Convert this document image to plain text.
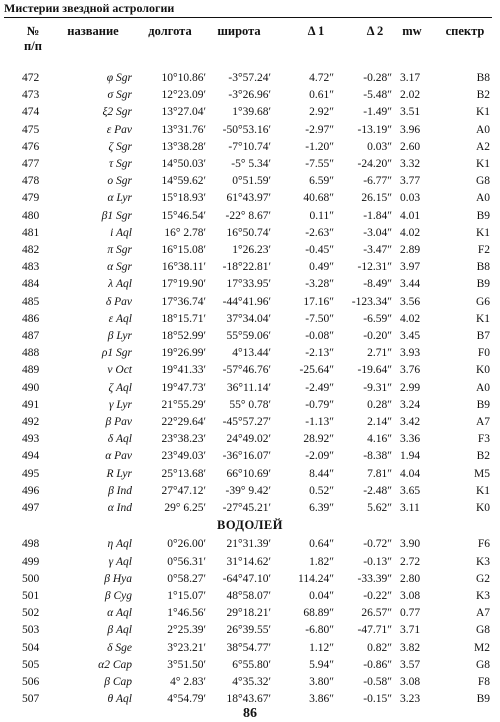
Мистерии звездной астрологии
№
п/п
название	долгота	широта	Δ 1	Δ 2	mw	спектр
472	φ Sgr	10°10.86′	-3°57.24′	4.72″	-0.28″ 3.17	B8
473	σ Sgr	12°23.09′	-3°26.96′	0.61″	-5.48″ 2.02	B2
474	ξ2 Sgr	13°27.04′	1°39.68′	2.92″	-1.49″ 3.51	K1
475	ε Pav	13°31.76′	-50°53.16′	-2.97″	-13.19″ 3.96	A0
476	ζ Sgr	13°38.28′	-7°10.74′	-1.20″	0.03″ 2.60	A2
477	τ Sgr	14°50.03′	-5° 5.34′	-7.55″	-24.20″ 3.32	K1
478	ο Sgr	14°59.62′	0°51.59′	6.59″	-6.77″ 3.77	G8
479	α Lyr	15°18.93′	61°43.97′	40.68″	26.15″ 0.03	A0
480	β1 Sgr	15°46.54′	-22° 8.67′	0.11″	-1.84″ 4.01	B9
481	i Aql	16° 2.78′	16°50.74′	-2.63″	-3.04″ 4.02	K1
482	π Sgr	16°15.08′	1°26.23′	-0.45″	-3.47″ 2.89	F2
483	α Sgr	16°38.11′	-18°22.81′	0.49″	-12.31″ 3.97	B8
484	λ Aql	17°19.90′	17°33.95′	-3.28″	-8.49″ 3.44	B9
485	δ Pav	17°36.74′	-44°41.96′	17.16″	-123.34″ 3.56	G6
486	ε Aql	18°15.71′	37°34.04′	-7.50″	-6.59″ 4.02	K1
487	β Lyr	18°52.99′	55°59.06′	-0.08″	-0.20″ 3.45	B7
488	ρ1 Sgr	19°26.99′	4°13.44′	-2.13″	2.71″ 3.93	F0
489	ν Oct	19°41.33′	-57°46.76′	-25.64″	-19.64″ 3.76	K0
490	ζ Aql	19°47.73′	36°11.14′	-2.49″	-9.31″ 2.99	A0
491	γ Lyr	21°55.29′	55° 0.78′	-0.79″	0.28″ 3.24	B9
492	β Pav	22°29.64′	-45°57.27′	-1.13″	2.14″ 3.42	A7
493	δ Aql	23°38.23′	24°49.02′	28.92″	4.16″ 3.36	F3
494	α Pav	23°49.03′	-36°16.07′	-2.09″	-8.38″ 1.94	B2
495	R Lyr	25°13.68′	66°10.69′	8.44″	7.81″ 4.04	M5
496	β Ind	27°47.12′	-39° 9.42′	0.52″	-2.48″ 3.65	K1
497	α Ind	29° 6.25′	-27°45.21′	6.39″	5.62″ 3.11	K0
ВОДОЛЕЙ
498	η Aql	0°26.00′	21°31.39′	0.64″	-0.72″ 3.90	F6
499	γ Aql	0°56.31′	31°14.62′	1.82″	-0.13″ 2.72	K3
500	β Hya	0°58.27′	-64°47.10′	114.24″	-33.39″ 2.80	G2
501	β Cyg	1°15.07′	48°58.07′	0.04″	-0.22″ 3.08	K3
502	α Aql	1°46.56′	29°18.21′	68.89″	26.57″ 0.77	A7
503	β Aql	2°25.39′	26°39.55′	-6.80″	-47.71″ 3.71	G8
504	δ Sge	3°23.21′	38°54.77′	1.12″	0.82″ 3.82	M2
505	α2 Cap	3°51.50′	6°55.80′	5.94″	-0.86″ 3.57	G8
506	β Cap	4° 2.83′	4°35.32′	3.80″	-0.58″ 3.08	F8
507	θ Aql	4°54.79′	18°43.67′	3.86″	-0.15″ 3.23	B9
86
